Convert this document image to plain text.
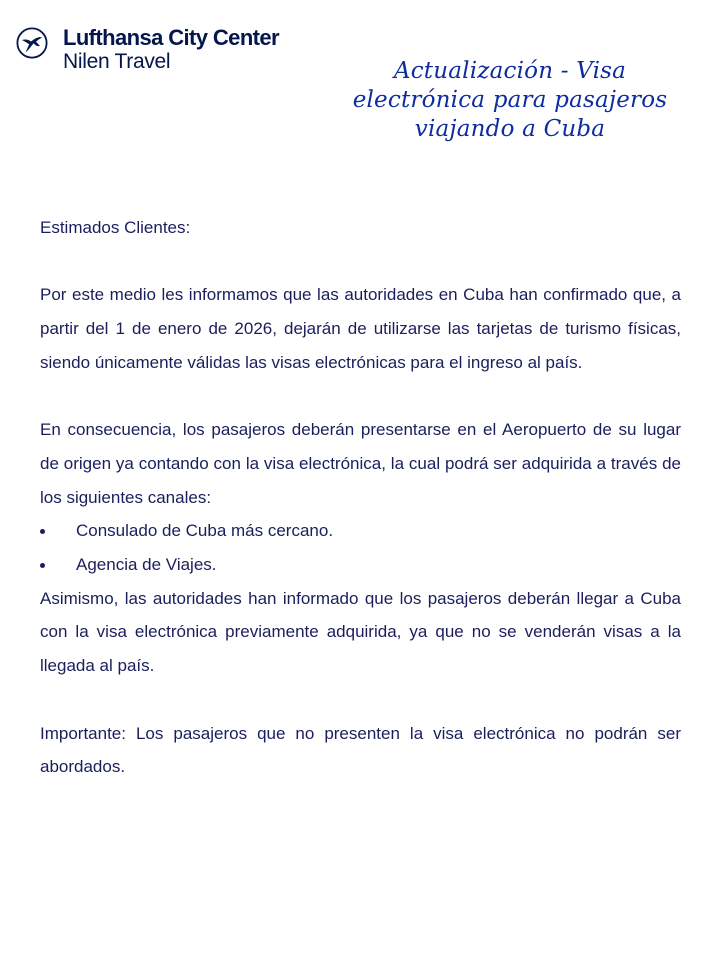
Lufthansa City Center
Nilen Travel	Actualización - Visa electrónica para pasajeros viajando a Cuba

Estimados Clientes:

Por este medio les informamos que las autoridades en Cuba han confirmado que, a partir del 1 de enero de 2026, dejarán de utilizarse las tarjetas de turismo físicas, siendo únicamente válidas las visas electrónicas para el ingreso al país.

En consecuencia, los pasajeros deberán presentarse en el Aeropuerto de su lugar de origen ya contando con la visa electrónica, la cual podrá ser adquirida a través de los siguientes canales:

Consulado de Cuba más cercano.
Agencia de Viajes.

Asimismo, las autoridades han informado que los pasajeros deberán llegar a Cuba con la visa electrónica previamente adquirida, ya que no se venderán visas a la llegada al país.

Importante: Los pasajeros que no presenten la visa electrónica no podrán ser abordados.
